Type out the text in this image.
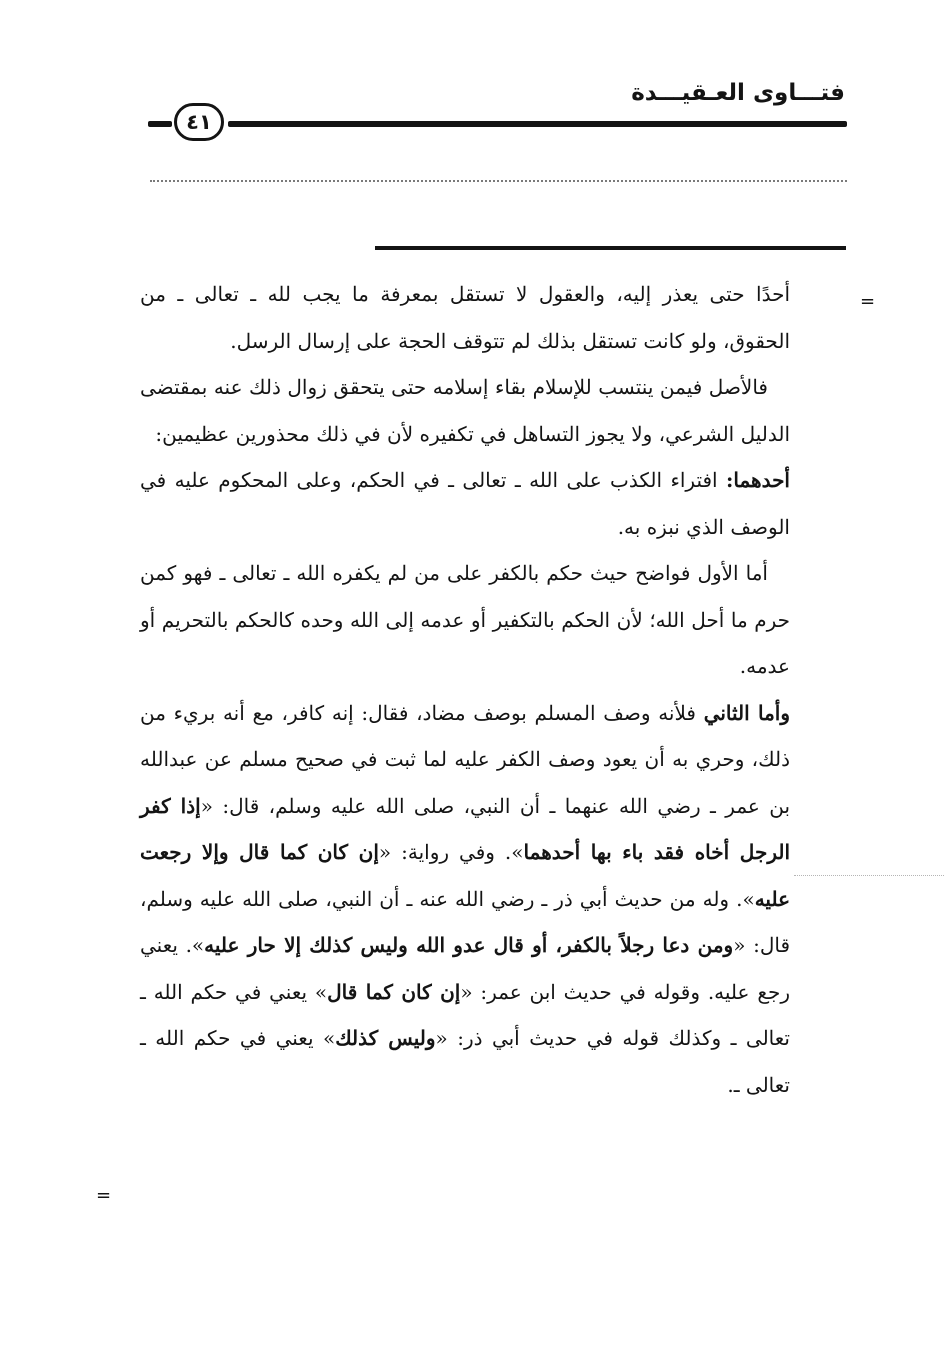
فتـــاوى العـقيـــدة
٤١
=
=

أحدًا حتى يعذر إليه، والعقول لا تستقل بمعرفة ما يجب لله ـ تعالى ـ من الحقوق، ولو كانت تستقل بذلك لم تتوقف الحجة على إرسال الرسل.

فالأصل فيمن ينتسب للإسلام بقاء إسلامه حتى يتحقق زوال ذلك عنه بمقتضى الدليل الشرعي، ولا يجوز التساهل في تكفيره لأن في ذلك محذورين عظيمين:

أحدهما: افتراء الكذب على الله ـ تعالى ـ في الحكم، وعلى المحكوم عليه في الوصف الذي نبزه به.

أما الأول فواضح حيث حكم بالكفر على من لم يكفره الله ـ تعالى ـ فهو كمن حرم ما أحل الله؛ لأن الحكم بالتكفير أو عدمه إلى الله وحده كالحكم بالتحريم أو عدمه.

وأما الثاني فلأنه وصف المسلم بوصف مضاد، فقال: إنه كافر، مع أنه بريء من ذلك، وحري به أن يعود وصف الكفر عليه لما ثبت في صحيح مسلم عن عبدالله بن عمر ـ رضي الله عنهما ـ أن النبي، صلى الله عليه وسلم، قال: «إذا كفر الرجل أخاه فقد باء بها أحدهما». وفي رواية: «إن كان كما قال وإلا رجعت عليه». وله من حديث أبي ذر ـ رضي الله عنه ـ أن النبي، صلى الله عليه وسلم، قال: «ومن دعا رجلاً بالكفر، أو قال عدو الله وليس كذلك إلا حار عليه». يعني رجع عليه. وقوله في حديث ابن عمر: «إن كان كما قال» يعني في حكم الله ـ تعالى ـ وكذلك قوله في حديث أبي ذر: «وليس كذلك» يعني في حكم الله ـ تعالى ـ.
